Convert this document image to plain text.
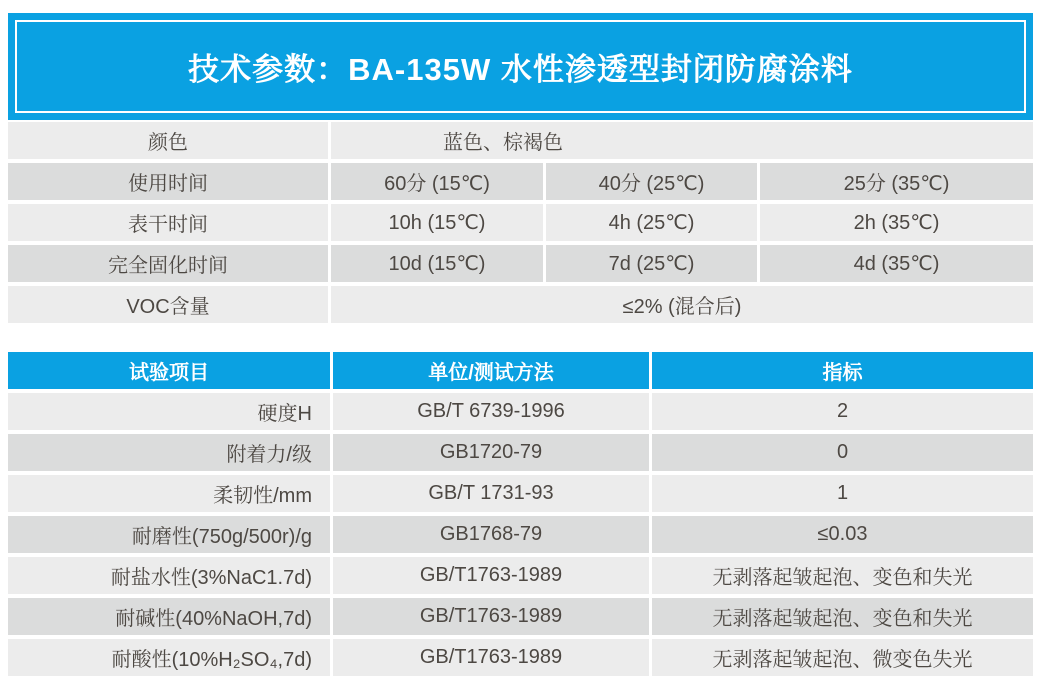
技术参数：BA-135W 水性渗透型封闭防腐涂料
颜色	蓝色、棕褐色
使用时间	60分 (15℃)	40分 (25℃)	25分 (35℃)
表干时间	10h (15℃)	4h (25℃)	2h (35℃)
完全固化时间	10d (15℃)	7d (25℃)	4d (35℃)
VOC含量	≤2% (混合后)
试验项目	单位/测试方法	指标
硬度H	GB/T 6739-1996	2
附着力/级	GB1720-79	0
柔韧性/mm	GB/T 1731-93	1
耐磨性(750g/500r)/g	GB1768-79	≤0.03
耐盐水性(3%NaC1.7d)	GB/T1763-1989	无剥落起皱起泡、变色和失光
耐碱性(40%NaOH,7d)	GB/T1763-1989	无剥落起皱起泡、变色和失光
耐酸性(10%H₂SO₄,7d)	GB/T1763-1989	无剥落起皱起泡、微变色失光
